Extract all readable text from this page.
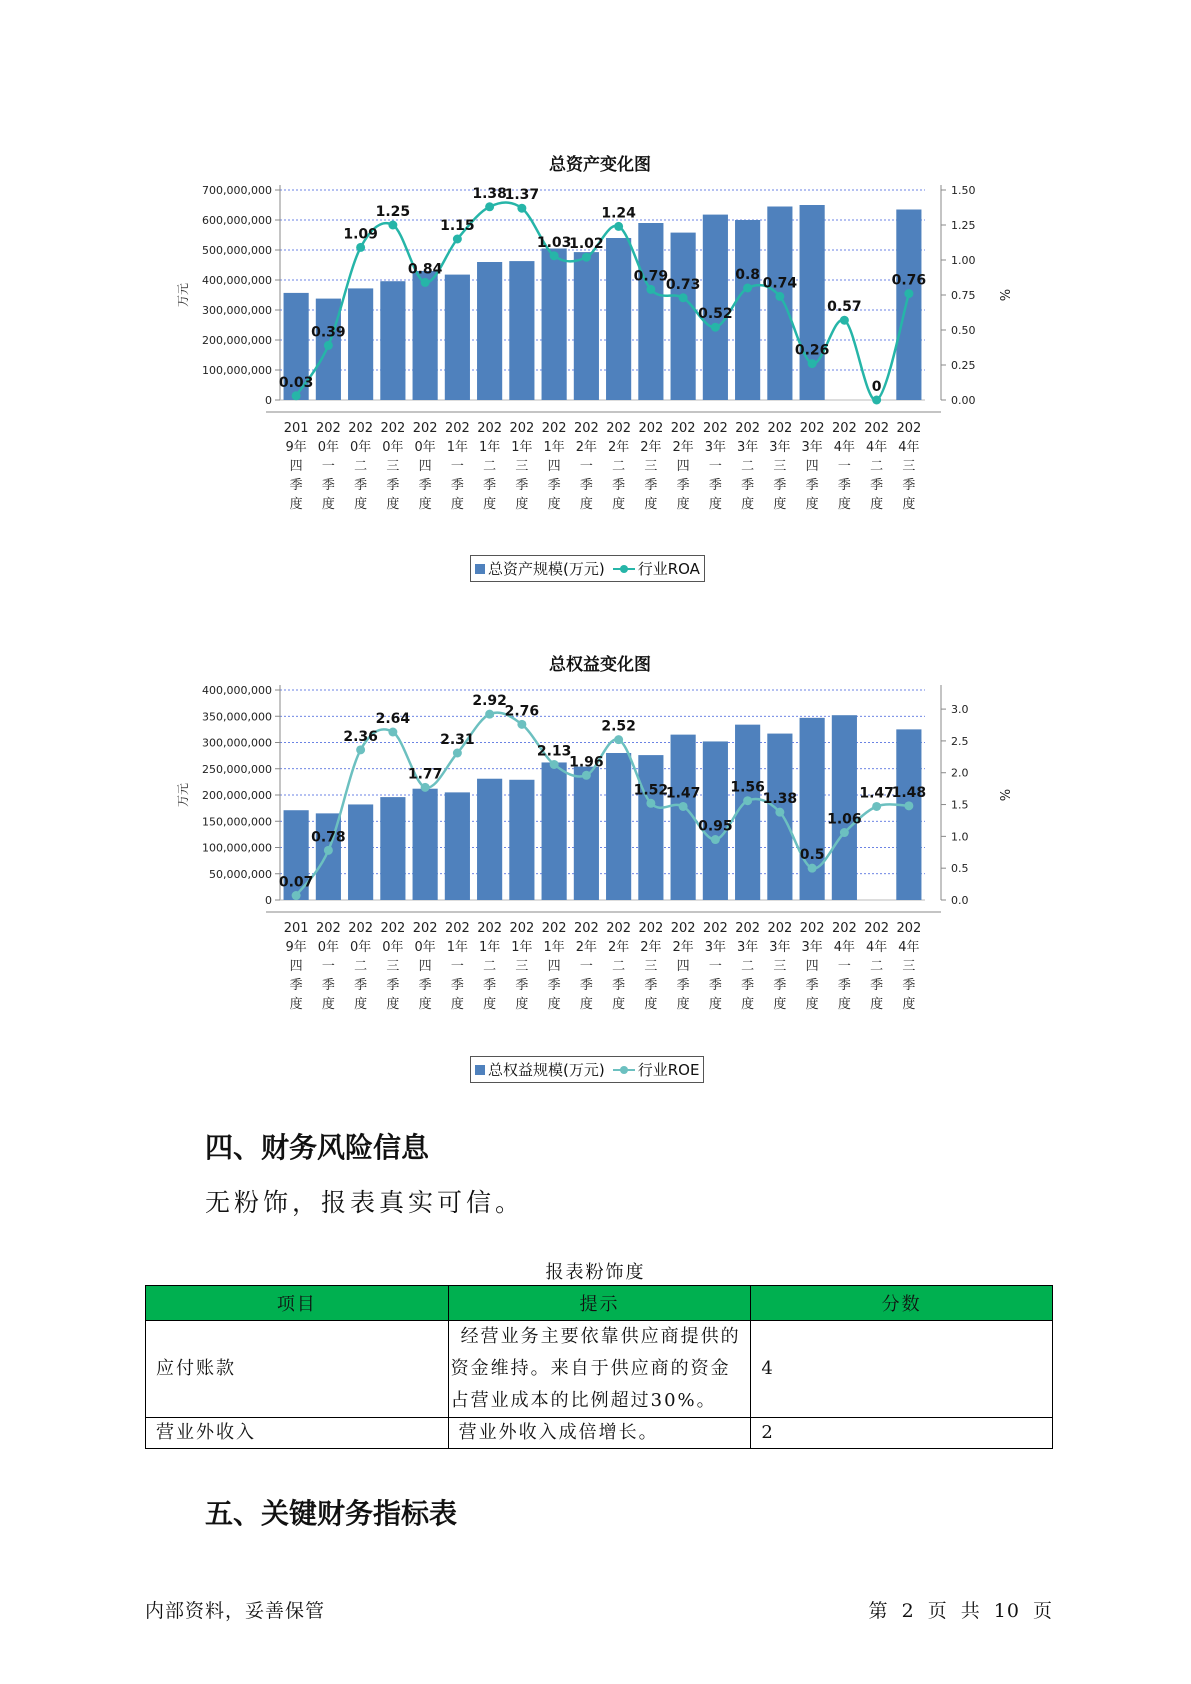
总资产变化图
0
100,000,000
200,000,000
300,000,000
400,000,000
500,000,000
600,000,000
700,000,000
0.00
0.25
0.50
0.75
1.00
1.25
1.50
万元	%
0.03
0.39
1.09
1.25
0.84
1.15
1.38
1.37
1.03
1.02
1.24
0.79
0.73
0.52
0.8
0.74
0.26
0.57
0
0.76
201
9年
四
季
度
202
0年
一
季
度
202
0年
二
季
度
202
0年
三
季
度
202
0年
四
季
度
202
1年
一
季
度
202
1年
二
季
度
202
1年
三
季
度
202
1年
四
季
度
202
2年
一
季
度
202
2年
二
季
度
202
2年
三
季
度
202
2年
四
季
度
202
3年
一
季
度
202
3年
二
季
度
202
3年
三
季
度
202
3年
四
季
度
202
4年
一
季
度
202
4年
二
季
度
202
4年
三
季
度
总资产规模(万元)	行业ROA
总权益变化图
0
50,000,000
100,000,000
150,000,000
200,000,000
250,000,000
300,000,000
350,000,000
400,000,000
0.0
0.5
1.0
1.5
2.0
2.5
3.0
万元	%
0.07
0.78
2.36
2.64
1.77
2.31
2.92
2.76
2.13
1.96
2.52
1.52
1.47
0.95
1.56
1.38
0.5
1.06
1.47
1.48
201
9年
四
季
度
202
0年
一
季
度
202
0年
二
季
度
202
0年
三
季
度
202
0年
四
季
度
202
1年
一
季
度
202
1年
二
季
度
202
1年
三
季
度
202
1年
四
季
度
202
2年
一
季
度
202
2年
二
季
度
202
2年
三
季
度
202
2年
四
季
度
202
3年
一
季
度
202
3年
二
季
度
202
3年
三
季
度
202
3年
四
季
度
202
4年
一
季
度
202
4年
二
季
度
202
4年
三
季
度
总权益规模(万元)	行业ROE
四、财务风险信息
无粉饰，报表真实可信。
报表粉饰度
项目	提示	分数
应付账款	经营业务主要依靠供应商提供的资金维持。来自于供应商的资金占营业成本的比例超过30%。	4
营业外收入	营业外收入成倍增长。	2
五、关键财务指标表
内部资料，妥善保管	第 2 页 共 10 页
